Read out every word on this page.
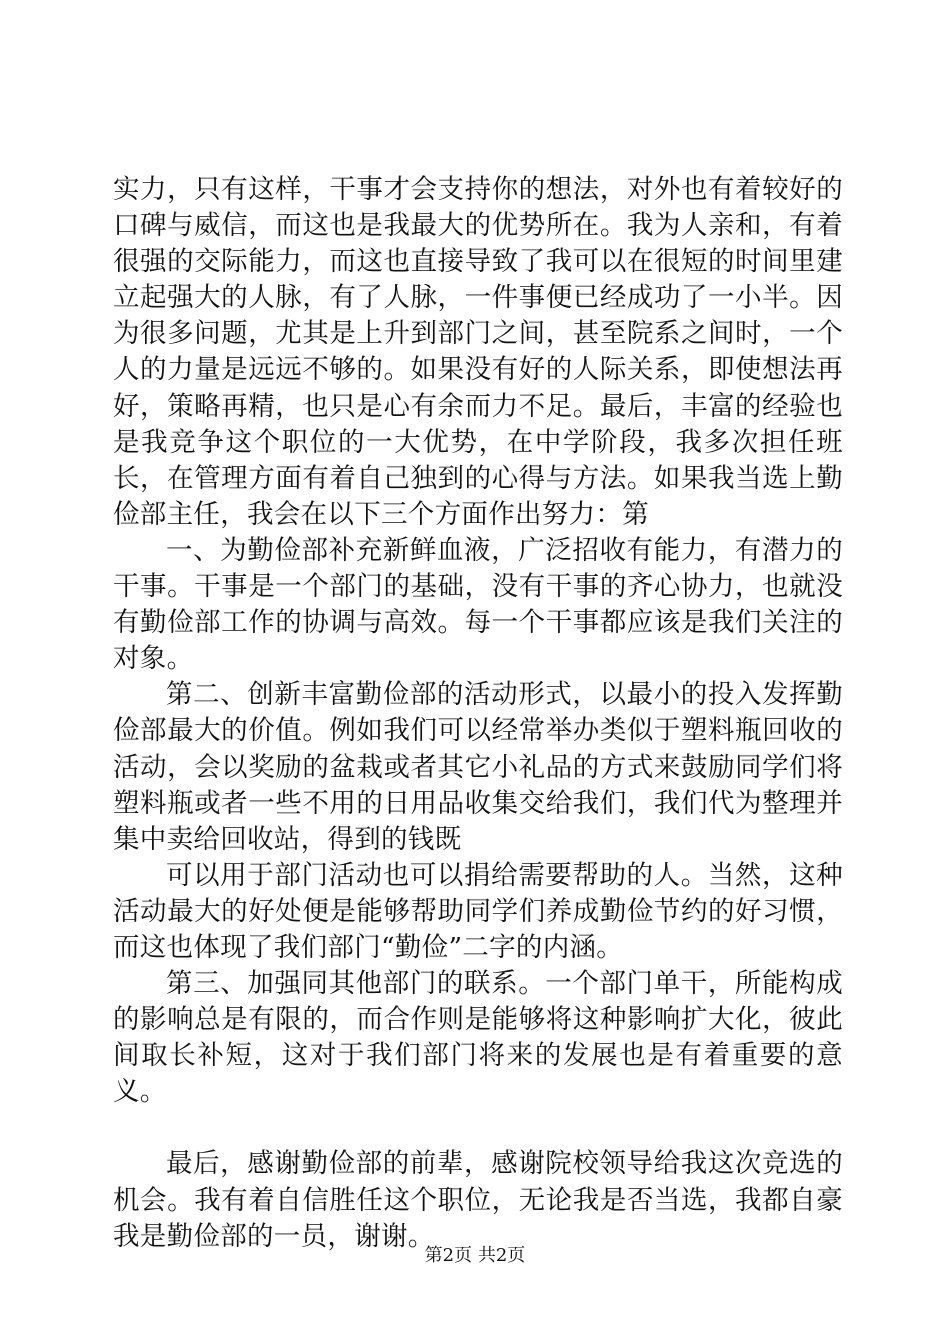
实力，只有这样，干事才会支持你的想法，对外也有着较好的口碑与威信，而这也是我最大的优势所在。我为人亲和，有着很强的交际能力，而这也直接导致了我可以在很短的时间里建立起强大的人脉，有了人脉，一件事便已经成功了一小半。因为很多问题，尤其是上升到部门之间，甚至院系之间时，一个人的力量是远远不够的。如果没有好的人际关系，即使想法再好，策略再精，也只是心有余而力不足。最后，丰富的经验也是我竞争这个职位的一大优势，在中学阶段，我多次担任班长，在管理方面有着自己独到的心得与方法。如果我当选上勤俭部主任，我会在以下三个方面作出努力：第

一、为勤俭部补充新鲜血液，广泛招收有能力，有潜力的干事。干事是一个部门的基础，没有干事的齐心协力，也就没有勤俭部工作的协调与高效。每一个干事都应该是我们关注的对象。

第二、创新丰富勤俭部的活动形式，以最小的投入发挥勤俭部最大的价值。例如我们可以经常举办类似于塑料瓶回收的活动，会以奖励的盆栽或者其它小礼品的方式来鼓励同学们将塑料瓶或者一些不用的日用品收集交给我们，我们代为整理并集中卖给回收站，得到的钱既

可以用于部门活动也可以捐给需要帮助的人。当然，这种活动最大的好处便是能够帮助同学们养成勤俭节约的好习惯，而这也体现了我们部门“勤俭”二字的内涵。

第三、加强同其他部门的联系。一个部门单干，所能构成的影响总是有限的，而合作则是能够将这种影响扩大化，彼此间取长补短，这对于我们部门将来的发展也是有着重要的意义。

最后，感谢勤俭部的前辈，感谢院校领导给我这次竞选的机会。我有着自信胜任这个职位，无论我是否当选，我都自豪我是勤俭部的一员，谢谢。

第2页 共2页
